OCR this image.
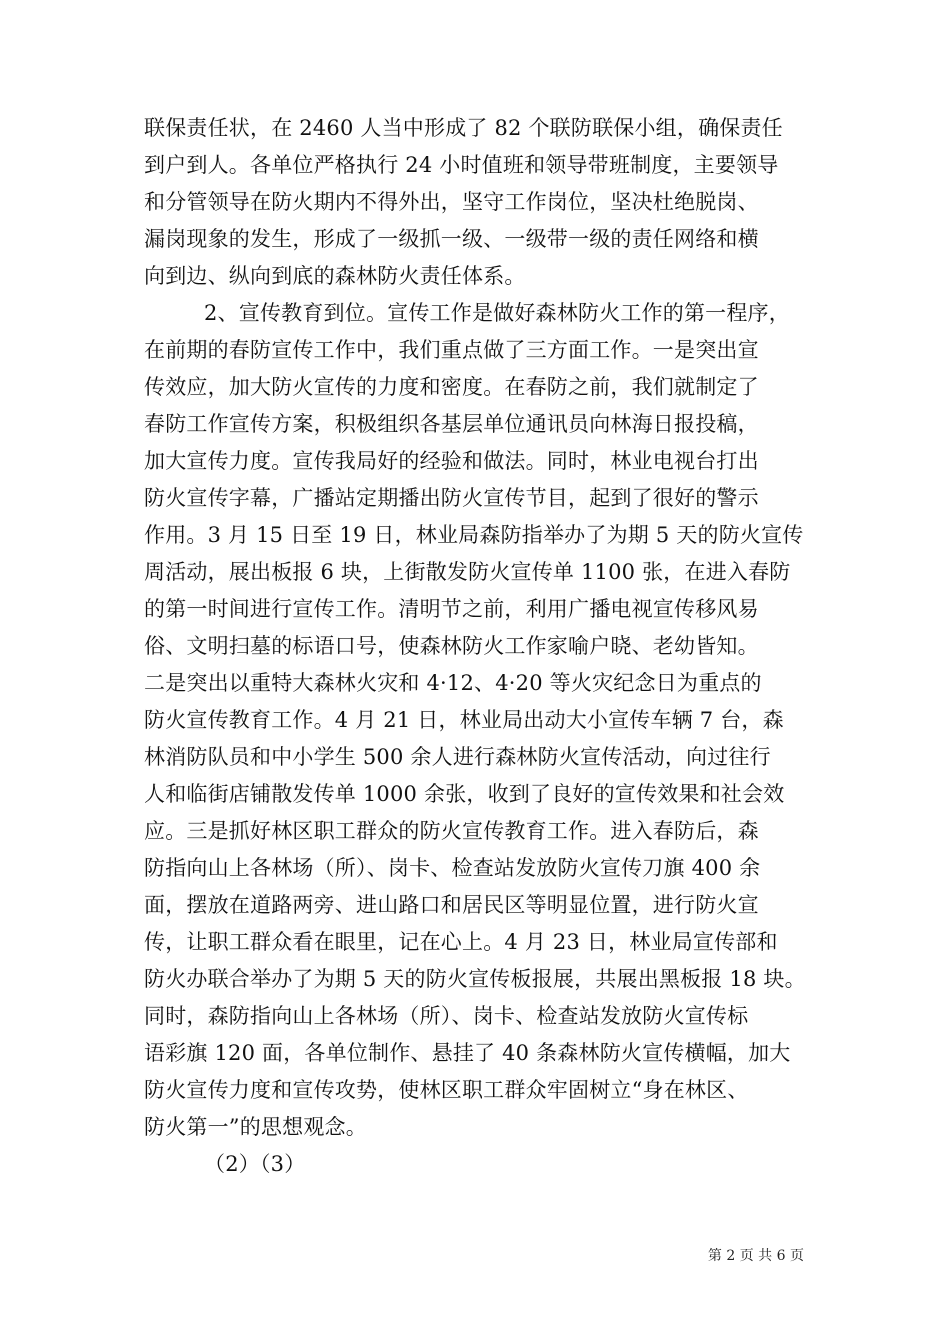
联保责任状，在 2460 人当中形成了 82 个联防联保小组，确保责任
到户到人。各单位严格执行 24 小时值班和领导带班制度，主要领导
和分管领导在防火期内不得外出，坚守工作岗位，坚决杜绝脱岗、
漏岗现象的发生，形成了一级抓一级、一级带一级的责任网络和横
向到边、纵向到底的森林防火责任体系。
2、宣传教育到位。宣传工作是做好森林防火工作的第一程序，
在前期的春防宣传工作中，我们重点做了三方面工作。一是突出宣
传效应，加大防火宣传的力度和密度。在春防之前，我们就制定了
春防工作宣传方案，积极组织各基层单位通讯员向林海日报投稿，
加大宣传力度。宣传我局好的经验和做法。同时，林业电视台打出
防火宣传字幕，广播站定期播出防火宣传节目，起到了很好的警示
作用。3 月 15 日至 19 日，林业局森防指举办了为期 5 天的防火宣传
周活动，展出板报 6 块，上街散发防火宣传单 1100 张，在进入春防
的第一时间进行宣传工作。清明节之前，利用广播电视宣传移风易
俗、文明扫墓的标语口号，使森林防火工作家喻户晓、老幼皆知。
二是突出以重特大森林火灾和 4·12、4·20 等火灾纪念日为重点的
防火宣传教育工作。4 月 21 日，林业局出动大小宣传车辆 7 台，森
林消防队员和中小学生 500 余人进行森林防火宣传活动，向过往行
人和临街店铺散发传单 1000 余张，收到了良好的宣传效果和社会效
应。三是抓好林区职工群众的防火宣传教育工作。进入春防后，森
防指向山上各林场（所）、岗卡、检查站发放防火宣传刀旗 400 余
面，摆放在道路两旁、进山路口和居民区等明显位置，进行防火宣
传，让职工群众看在眼里，记在心上。4 月 23 日，林业局宣传部和
防火办联合举办了为期 5 天的防火宣传板报展，共展出黑板报 18 块。
同时，森防指向山上各林场（所）、岗卡、检查站发放防火宣传标
语彩旗 120 面，各单位制作、悬挂了 40 条森林防火宣传横幅，加大
防火宣传力度和宣传攻势，使林区职工群众牢固树立“身在林区、
防火第一”的思想观念。
（2）（3）
第 2 页 共 6 页
